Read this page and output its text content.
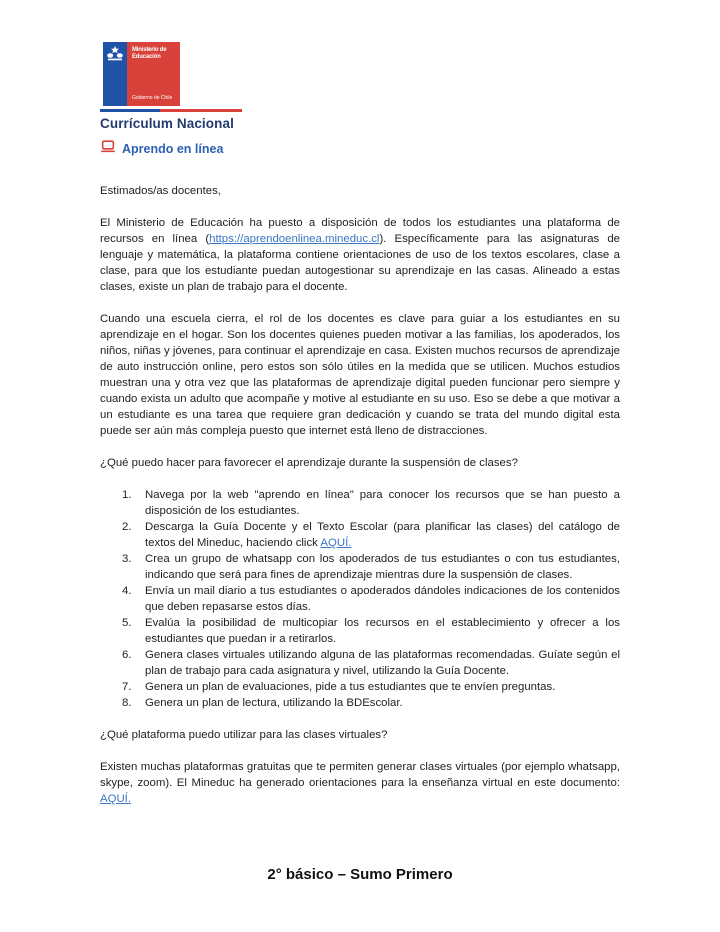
Ministerio de
Educación
Gobierno de Chile
Currículum Nacional
Aprendo en línea

Estimados/as docentes,

El Ministerio de Educación ha puesto a disposición de todos los estudiantes una plataforma de recursos en línea (https://aprendoenlinea.mineduc.cl). Específicamente para las asignaturas de lenguaje y matemática, la plataforma contiene orientaciones de uso de los textos escolares, clase a clase, para que los estudiante puedan autogestionar su aprendizaje en las casas. Alineado a estas clases, existe un plan de trabajo para el docente.

Cuando una escuela cierra, el rol de los docentes es clave para guiar a los estudiantes en su aprendizaje en el hogar. Son los docentes quienes pueden motivar a las familias, los apoderados, los niños, niñas y jóvenes, para continuar el aprendizaje en casa. Existen muchos recursos de aprendizaje de auto instrucción online, pero estos son sólo útiles en la medida que se utilicen. Muchos estudios muestran una y otra vez que las plataformas de aprendizaje digital pueden funcionar pero siempre y cuando exista un adulto que acompañe y motive al estudiante en su uso. Eso se debe a que motivar a un estudiante es una tarea que requiere gran dedicación y cuando se trata del mundo digital esta puede ser aún más compleja puesto que internet está lleno de distracciones.

¿Qué puedo hacer para favorecer el aprendizaje durante la suspensión de clases?

1.	Navega por la web "aprendo en línea" para conocer los recursos que se han puesto a disposición de los estudiantes.
2.	Descarga la Guía Docente y el Texto Escolar (para planificar las clases) del catálogo de textos del Mineduc, haciendo click AQUÍ.
3.	Crea un grupo de whatsapp con los apoderados de tus estudiantes o con tus estudiantes, indicando que será para fines de aprendizaje mientras dure la suspensión de clases.
4.	Envía un mail diario a tus estudiantes o apoderados dándoles indicaciones de los contenidos que deben repasarse estos días.
5.	Evalúa la posibilidad de multicopiar los recursos en el establecimiento y ofrecer a los estudiantes que puedan ir a retirarlos.
6.	Genera clases virtuales utilizando alguna de las plataformas recomendadas. Guíate según el plan de trabajo para cada asignatura y nivel, utilizando la Guía Docente.
7.	Genera un plan de evaluaciones, pide a tus estudiantes que te envíen preguntas.
8.	Genera un plan de lectura, utilizando la BDEscolar.

¿Qué plataforma puedo utilizar para las clases virtuales?

Existen muchas plataformas gratuitas que te permiten generar clases virtuales (por ejemplo whatsapp, skype, zoom). El Mineduc ha generado orientaciones para la enseñanza virtual en este documento: AQUÍ.

2° básico – Sumo Primero
